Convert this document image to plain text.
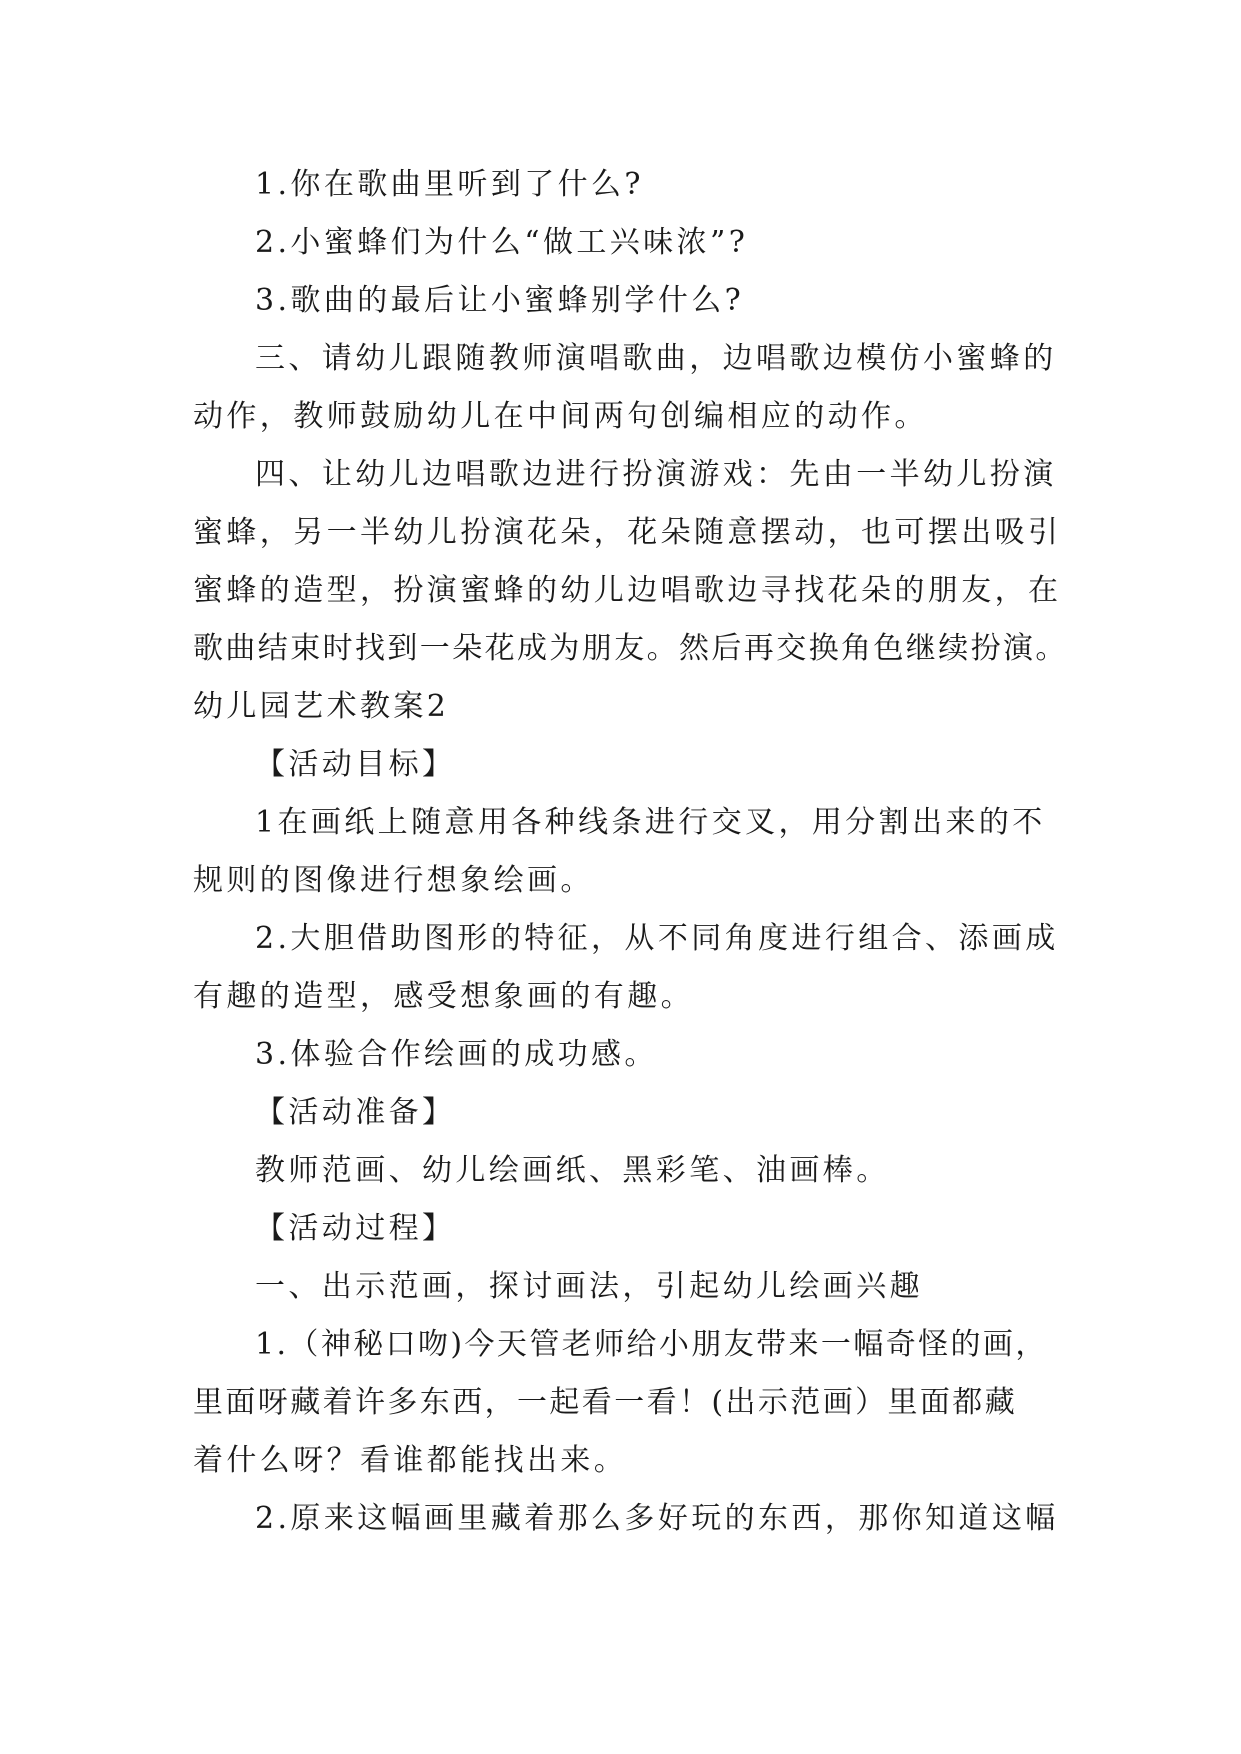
1.你在歌曲里听到了什么?
2.小蜜蜂们为什么“做工兴味浓”?
3.歌曲的最后让小蜜蜂别学什么?
三、请幼儿跟随教师演唱歌曲，边唱歌边模仿小蜜蜂的
动作，教师鼓励幼儿在中间两句创编相应的动作。
四、让幼儿边唱歌边进行扮演游戏：先由一半幼儿扮演
蜜蜂，另一半幼儿扮演花朵，花朵随意摆动，也可摆出吸引
蜜蜂的造型，扮演蜜蜂的幼儿边唱歌边寻找花朵的朋友，在
歌曲结束时找到一朵花成为朋友。然后再交换角色继续扮演。
幼儿园艺术教案2
【活动目标】
1在画纸上随意用各种线条进行交叉，用分割出来的不
规则的图像进行想象绘画。
2.大胆借助图形的特征，从不同角度进行组合、添画成
有趣的造型，感受想象画的有趣。
3.体验合作绘画的成功感。
【活动准备】
教师范画、幼儿绘画纸、黑彩笔、油画棒。
【活动过程】
一、出示范画，探讨画法，引起幼儿绘画兴趣
1.（神秘口吻)今天管老师给小朋友带来一幅奇怪的画，
里面呀藏着许多东西，一起看一看！(出示范画）里面都藏
着什么呀？看谁都能找出来。
2.原来这幅画里藏着那么多好玩的东西，那你知道这幅
